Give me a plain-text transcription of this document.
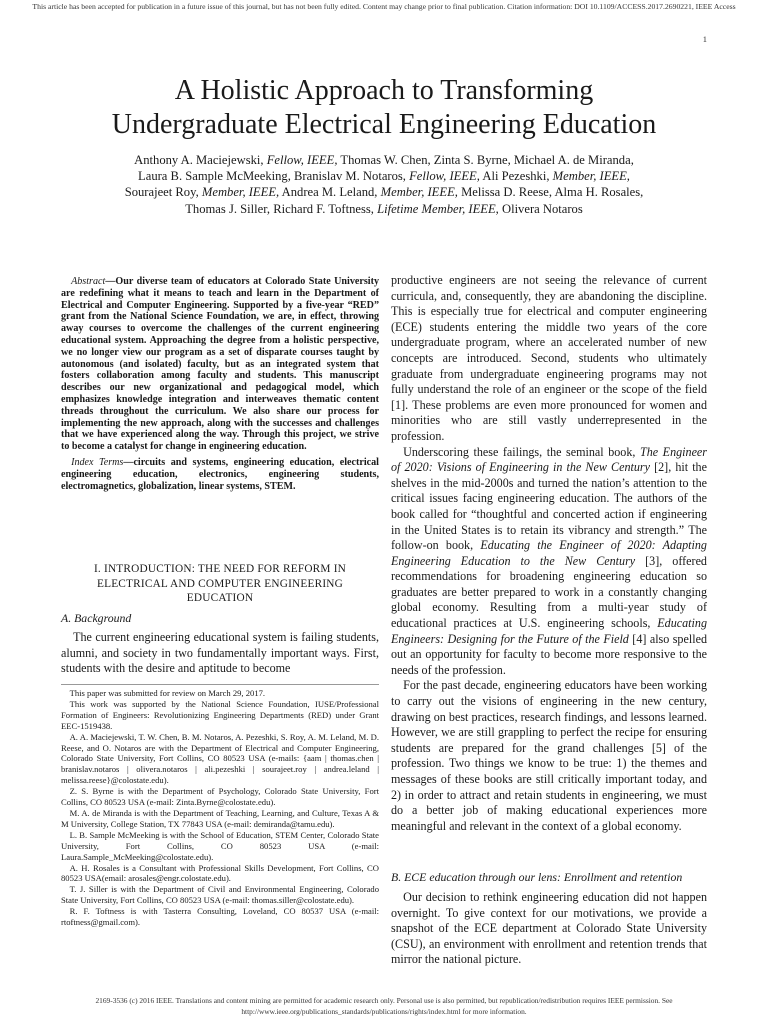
This article has been accepted for publication in a future issue of this journal, but has not been fully edited. Content may change prior to final publication. Citation information: DOI 10.1109/ACCESS.2017.2690221, IEEE Access
1
A Holistic Approach to Transforming
Undergraduate Electrical Engineering Education
Anthony A. Maciejewski, Fellow, IEEE, Thomas W. Chen, Zinta S. Byrne, Michael A. de Miranda,
Laura B. Sample McMeeking, Branislav M. Notaros, Fellow, IEEE, Ali Pezeshki, Member, IEEE,
Sourajeet Roy, Member, IEEE, Andrea M. Leland, Member, IEEE, Melissa D. Reese, Alma H. Rosales,
Thomas J. Siller, Richard F. Toftness, Lifetime Member, IEEE, Olivera Notaros

Abstract—Our diverse team of educators at Colorado State University are redefining what it means to teach and learn in the Department of Electrical and Computer Engineering. Supported by a five-year “RED” grant from the National Science Foundation, we are, in effect, throwing away courses to overcome the challenges of the current engineering educational system. Approaching the degree from a holistic perspective, we no longer view our program as a set of disparate courses taught by autonomous (and isolated) faculty, but as an integrated system that fosters collaboration among faculty and students. This manuscript describes our new organizational and pedagogical model, which emphasizes knowledge integration and interweaves thematic content threads throughout the curriculum. We also share our process for implementing the new approach, along with the successes and challenges that we have experienced along the way. Through this project, we strive to become a catalyst for change in engineering education.

Index Terms—circuits and systems, engineering education, electrical engineering education, electronics, engineering students, electromagnetics, globalization, linear systems, STEM.

I. INTRODUCTION: THE NEED FOR REFORM IN
ELECTRICAL AND COMPUTER ENGINEERING
EDUCATION
A. Background

The current engineering educational system is failing students, alumni, and society in two fundamentally important ways. First, students with the desire and aptitude to become

This paper was submitted for review on March 29, 2017.

This work was supported by the National Science Foundation, IUSE/Professional Formation of Engineers: Revolutionizing Engineering Departments (RED) under Grant EEC-1519438.

A. A. Maciejewski, T. W. Chen, B. M. Notaros, A. Pezeshki, S. Roy, A. M. Leland, M. D. Reese, and O. Notaros are with the Department of Electrical and Computer Engineering, Colorado State University, Fort Collins, CO 80523 USA (e-mails: {aam | thomas.chen | branislav.notaros | olivera.notaros | ali.pezeshki | sourajeet.roy | andrea.leland | melissa.reese}@colostate.edu).

Z. S. Byrne is with the Department of Psychology, Colorado State University, Fort Collins, CO 80523 USA (e-mail: Zinta.Byrne@colostate.edu).

M. A. de Miranda is with the Department of Teaching, Learning, and Culture, Texas A & M University, College Station, TX 77843 USA (e-mail: demiranda@tamu.edu).

L. B. Sample McMeeking is with the School of Education, STEM Center, Colorado State University, Fort Collins, CO 80523 USA (e-mail: Laura.Sample_McMeeking@colostate.edu).

A. H. Rosales is a Consultant with Professional Skills Development, Fort Collins, CO 80523 USA(email: arosales@engr.colostate.edu).

T. J. Siller is with the Department of Civil and Environmental Engineering, Colorado State University, Fort Collins, CO 80523 USA (e-mail: thomas.siller@colostate.edu).

R. F. Toftness is with Tasterra Consulting, Loveland, CO 80537 USA (e-mail: rtoftness@gmail.com).

productive engineers are not seeing the relevance of current curricula, and, consequently, they are abandoning the discipline. This is especially true for electrical and computer engineering (ECE) students entering the middle two years of the core undergraduate program, where an accelerated number of new concepts are introduced. Second, students who ultimately graduate from undergraduate engineering programs may not fully understand the role of an engineer or the scope of the field [1]. These problems are even more pronounced for women and minorities who are still vastly underrepresented in the profession.

Underscoring these failings, the seminal book, The Engineer of 2020: Visions of Engineering in the New Century [2], hit the shelves in the mid-2000s and turned the nation’s attention to the critical issues facing engineering education. The authors of the book called for “thoughtful and concerted action if engineering in the United States is to retain its vibrancy and strength.” The follow-on book, Educating the Engineer of 2020: Adapting Engineering Education to the New Century [3], offered recommendations for broadening engineering education so graduates are better prepared to work in a constantly changing global economy. Resulting from a multi-year study of educational practices at U.S. engineering schools, Educating Engineers: Designing for the Future of the Field [4] also spelled out an opportunity for faculty to become more responsive to the needs of the profession.

For the past decade, engineering educators have been working to carry out the visions of engineering in the new century, drawing on best practices, research findings, and lessons learned. However, we are still grappling to perfect the recipe for ensuring students are prepared for the grand challenges [5] of the profession. Two things we know to be true: 1) the themes and messages of these books are still critically important today, and 2) in order to attract and retain students in engineering, we must do a better job of making educational experiences more meaningful and relevant in the context of a global economy.

B. ECE education through our lens: Enrollment and retention

Our decision to rethink engineering education did not happen overnight. To give context for our motivations, we provide a snapshot of the ECE department at Colorado State University (CSU), an environment with enrollment and retention trends that mirror the national picture.

2169-3536 (c) 2016 IEEE. Translations and content mining are permitted for academic research only. Personal use is also permitted, but republication/redistribution requires IEEE permission. See
http://www.ieee.org/publications_standards/publications/rights/index.html for more information.
